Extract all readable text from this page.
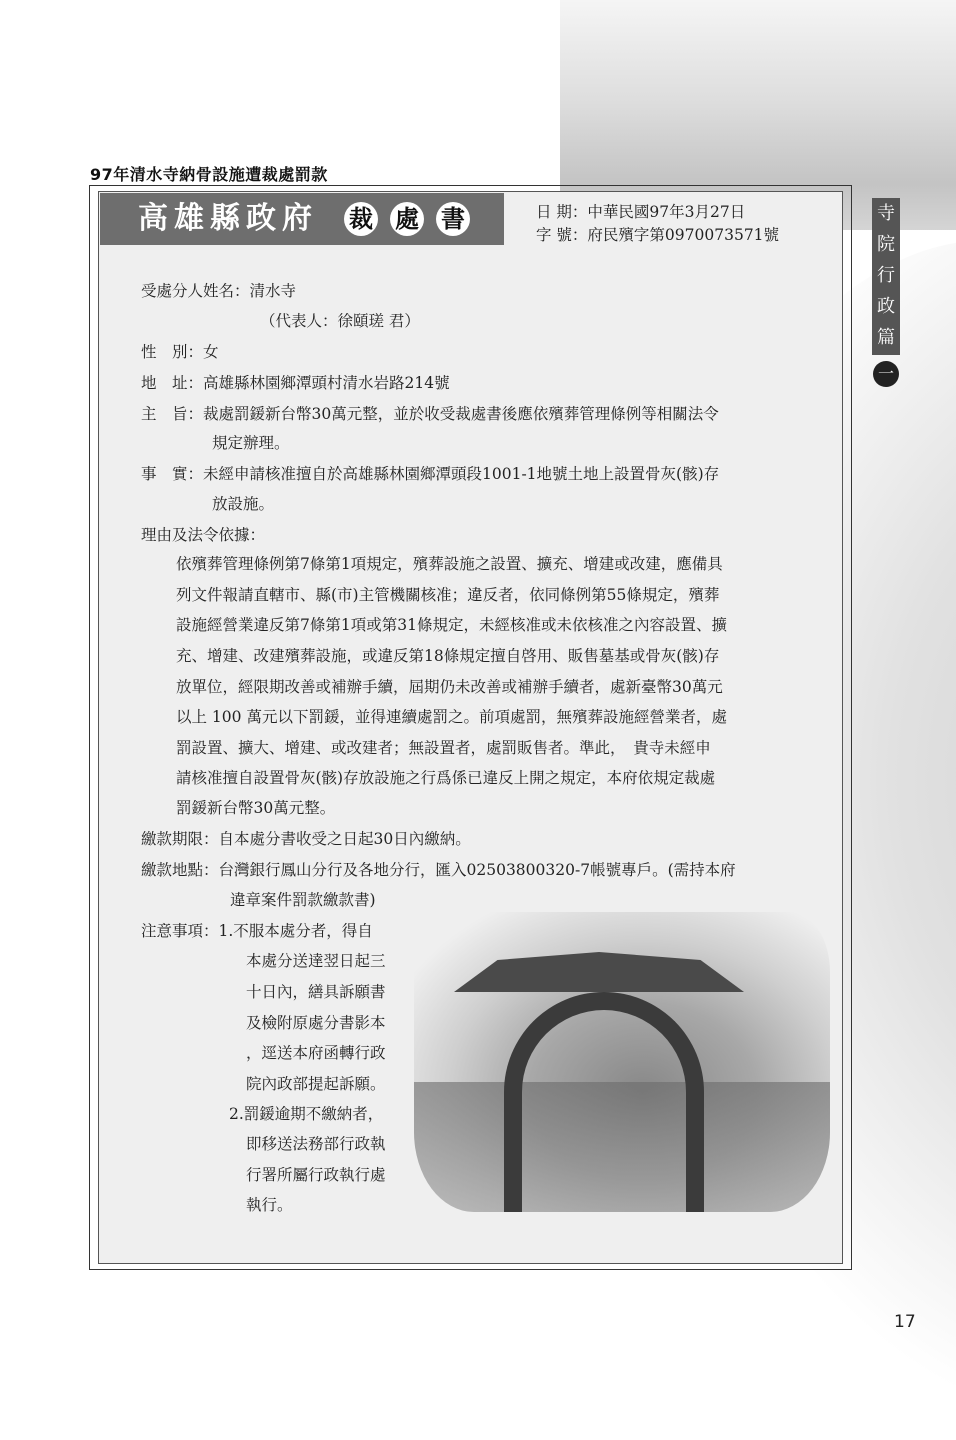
97年清水寺納骨設施遭裁處罰款
高雄縣政府 裁 處 書	日 期：中華民國97年3月27日
字 號：府民殯字第0970073571號
寺
院
行
政
篇
一
受處分人姓名：清水寺
（代表人：徐頤瑳 君）
性　別：女
地　址：高雄縣林園鄉潭頭村清水岩路214號
主　旨：裁處罰鍰新台幣30萬元整，並於收受裁處書後應依殯葬管理條例等相關法令
規定辦理。
事　實：未經申請核准擅自於高雄縣林園鄉潭頭段1001-1地號土地上設置骨灰(骸)存
放設施。
理由及法令依據：
依殯葬管理條例第7條第1項規定，殯葬設施之設置、擴充、增建或改建，應備具
列文件報請直轄市、縣(市)主管機關核准；違反者，依同條例第55條規定，殯葬
設施經營業違反第7條第1項或第31條規定，未經核准或未依核准之內容設置、擴
充、增建、改建殯葬設施，或違反第18條規定擅自啓用、販售墓基或骨灰(骸)存
放單位，經限期改善或補辦手續，屆期仍未改善或補辦手續者，處新臺幣30萬元
以上 100 萬元以下罰鍰，並得連續處罰之。前項處罰，無殯葬設施經營業者，處
罰設置、擴大、增建、或改建者；無設置者，處罰販售者。準此，　貴寺未經申
請核准擅自設置骨灰(骸)存放設施之行爲係已違反上開之規定，本府依規定裁處
罰鍰新台幣30萬元整。
繳款期限：自本處分書收受之日起30日內繳納。
繳款地點：台灣銀行鳳山分行及各地分行，匯入02503800320-7帳號專戶。(需持本府
違章案件罰款繳款書)
注意事項：1.不服本處分者，得自
本處分送達翌日起三
十日內，繕具訴願書
及檢附原處分書影本
，逕送本府函轉行政
院內政部提起訴願。
2.罰鍰逾期不繳納者，
即移送法務部行政執
行署所屬行政執行處
執行。
17
